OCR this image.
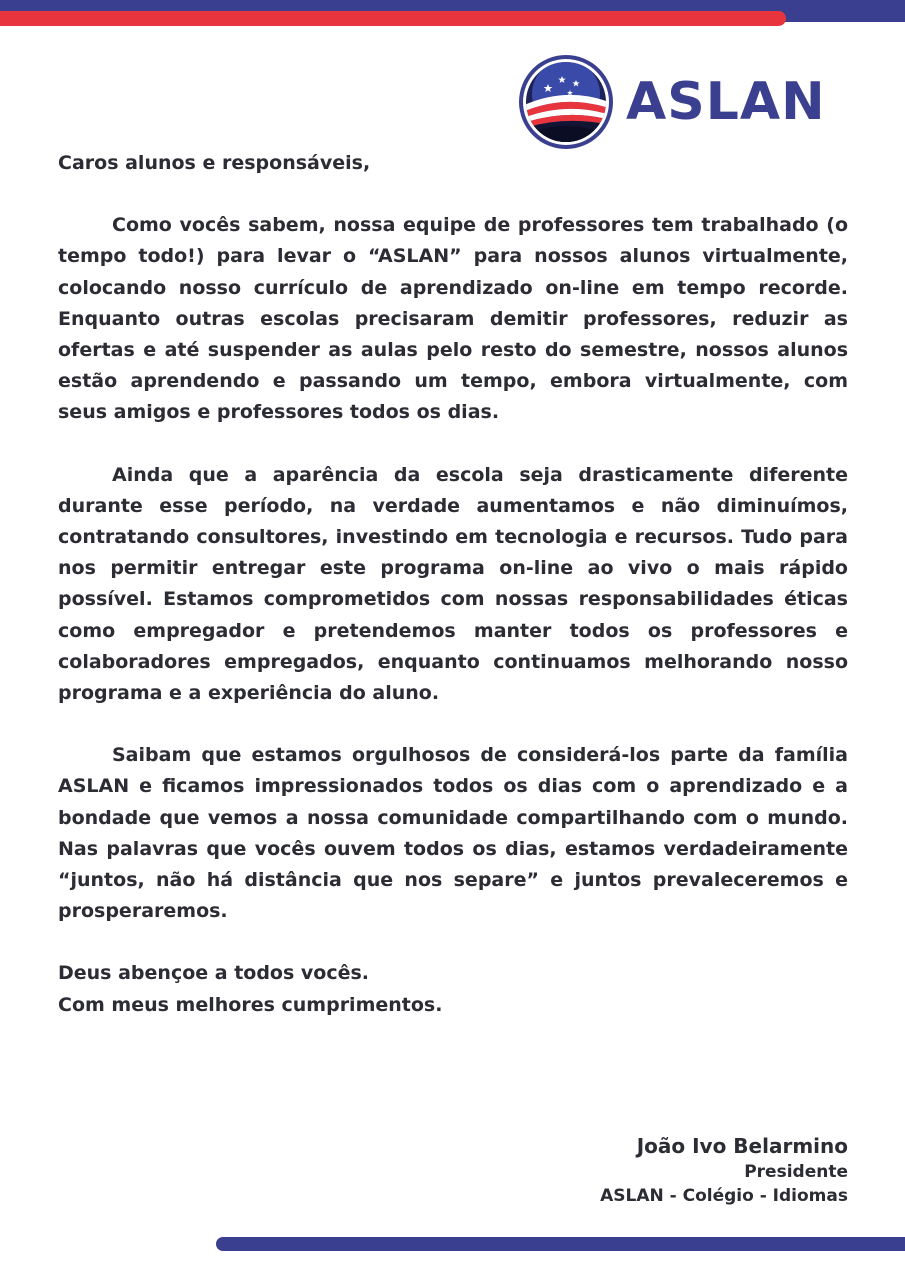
ASLAN

Caros alunos e responsáveis,

Como vocês sabem, nossa equipe de professores tem trabalhado (o tempo todo!) para levar o “ASLAN” para nossos alunos virtualmente, colocando nosso currículo de aprendizado on-line em tempo recorde. Enquanto outras escolas precisaram demitir professores, reduzir as ofertas e até suspender as aulas pelo resto do semestre, nossos alunos estão aprendendo e passando um tempo, embora virtualmente, com seus amigos e professores todos os dias.

Ainda que a aparência da escola seja drasticamente diferente durante esse período, na verdade aumentamos e não diminuímos, contratando consultores, investindo em tecnologia e recursos. Tudo para nos permitir entregar este programa on-line ao vivo o mais rápido possível. Estamos comprometidos com nossas responsabilidades éticas como empregador e pretendemos manter todos os professores e colaboradores empregados, enquanto continuamos melhorando nosso programa e a experiência do aluno.

Saibam que estamos orgulhosos de considerá-los parte da família ASLAN e ficamos impressionados todos os dias com o aprendizado e a bondade que vemos a nossa comunidade compartilhando com o mundo. Nas palavras que vocês ouvem todos os dias, estamos verdadeiramente “juntos, não há distância que nos separe” e juntos prevaleceremos e prosperaremos.

Deus abençoe a todos vocês.

Com meus melhores cumprimentos.

João Ivo Belarmino
Presidente
ASLAN - Colégio - Idiomas
